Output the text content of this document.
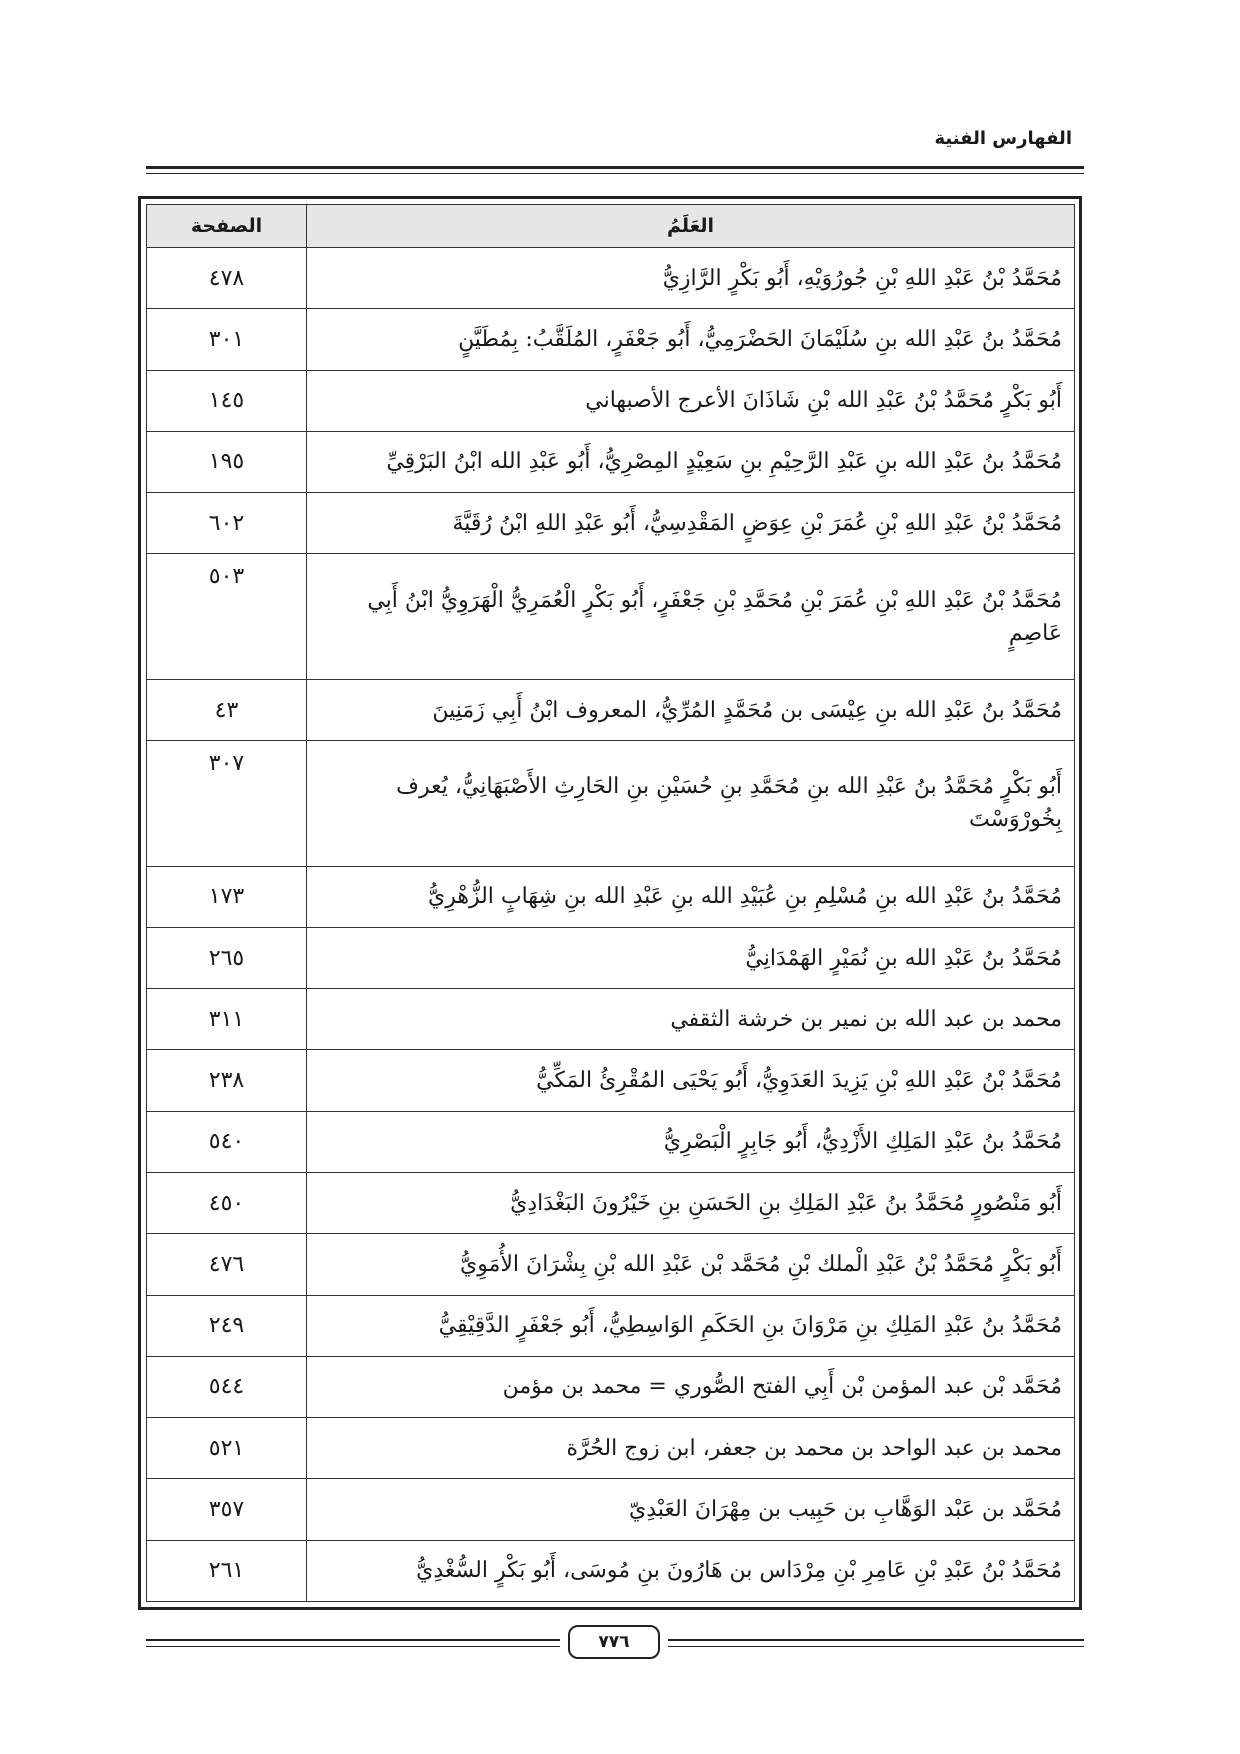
الفهارس الفنية
العَلَمُ	الصفحة
مُحَمَّدُ بْنُ عَبْدِ اللهِ بْنِ جُورُوَيْهِ، أَبُو بَكْرٍ الرَّازِيُّ	٤٧٨
مُحَمَّدُ بنُ عَبْدِ الله بنِ سُلَيْمَانَ الحَضْرَمِيُّ، أَبُو جَعْفَرٍ، المُلَقَّبُ: بِمُطَيَّنٍ	٣٠١
أَبُو بَكْرٍ مُحَمَّدُ بْنُ عَبْدِ الله بْنِ شَاذَانَ الأعرج الأصبهاني	١٤٥
مُحَمَّدُ بنُ عَبْدِ الله بنِ عَبْدِ الرَّحِيْمِ بنِ سَعِيْدٍ المِصْرِيُّ، أَبُو عَبْدِ الله ابْنُ البَرْقِيِّ	١٩٥
مُحَمَّدُ بْنُ عَبْدِ اللهِ بْنِ عُمَرَ بْنِ عِوَضٍ المَقْدِسِيُّ، أَبُو عَبْدِ اللهِ ابْنُ رُقَيَّةَ	٦٠٢
مُحَمَّدُ بْنُ عَبْدِ اللهِ بْنِ عُمَرَ بْنِ مُحَمَّدِ بْنِ جَعْفَرٍ، أَبُو بَكْرٍ الْعُمَرِيُّ الْهَرَوِيُّ ابْنُ أَبِي عَاصِمٍ	٥٠٣
مُحَمَّدُ بنُ عَبْدِ الله بنِ عِيْسَى بن مُحَمَّدٍ المُرِّيُّ، المعروف ابْنُ أَبِي زَمَنِينَ	٤٣
أَبُو بَكْرٍ مُحَمَّدُ بنُ عَبْدِ الله بنِ مُحَمَّدِ بنِ حُسَيْنِ بنِ الحَارِثِ الأَصْبَهَانِيُّ، يُعرف بِخُورْوَسْتَ	٣٠٧
مُحَمَّدُ بنُ عَبْدِ الله بنِ مُسْلِمِ بنِ عُبَيْدِ الله بنِ عَبْدِ الله بنِ شِهَابٍ الزُّهْرِيُّ	١٧٣
مُحَمَّدُ بنُ عَبْدِ الله بنِ نُمَيْرٍ الهَمْدَانِيُّ	٢٦٥
محمد بن عبد الله بن نمير بن خرشة الثقفي	٣١١
مُحَمَّدُ بْنُ عَبْدِ اللهِ بْنِ يَزِيدَ العَدَوِيُّ، أَبُو يَحْيَى المُقْرِئُ المَكِّيُّ	٢٣٨
مُحَمَّدُ بنُ عَبْدِ المَلِكِ الأَزْدِيُّ، أَبُو جَابِرٍ الْبَصْرِيُّ	٥٤٠
أَبُو مَنْصُورٍ مُحَمَّدُ بنُ عَبْدِ المَلِكِ بنِ الحَسَنِ بنِ خَيْرُونَ البَغْدَادِيُّ	٤٥٠
أَبُو بَكْرٍ مُحَمَّدُ بْنُ عَبْدِ الْملك بْنِ مُحَمَّد بْن عَبْدِ الله بْنِ بِشْرَانَ الأُمَوِيُّ	٤٧٦
مُحَمَّدُ بنُ عَبْدِ المَلِكِ بنِ مَرْوَانَ بنِ الحَكَمِ الوَاسِطِيُّ، أَبُو جَعْفَرٍ الدَّقِيْقِيُّ	٢٤٩
مُحَمَّد بْن عبد المؤمن بْن أَبِي الفتح الصُّوري = محمد بن مؤمن	٥٤٤
محمد بن عبد الواحد بن محمد بن جعفر، ابن زوج الحُرَّة	٥٢١
مُحَمَّد بن عَبْد الوَهَّابِ بن حَبِيب بن مِهْرَانَ العَبْدِيّ	٣٥٧
مُحَمَّدُ بْنُ عَبْدِ بْنِ عَامِرِ بْنِ مِرْدَاس بن هَارُونَ بنِ مُوسَى، أَبُو بَكْرٍ السُّغْدِيُّ	٢٦١
٧٧٦
